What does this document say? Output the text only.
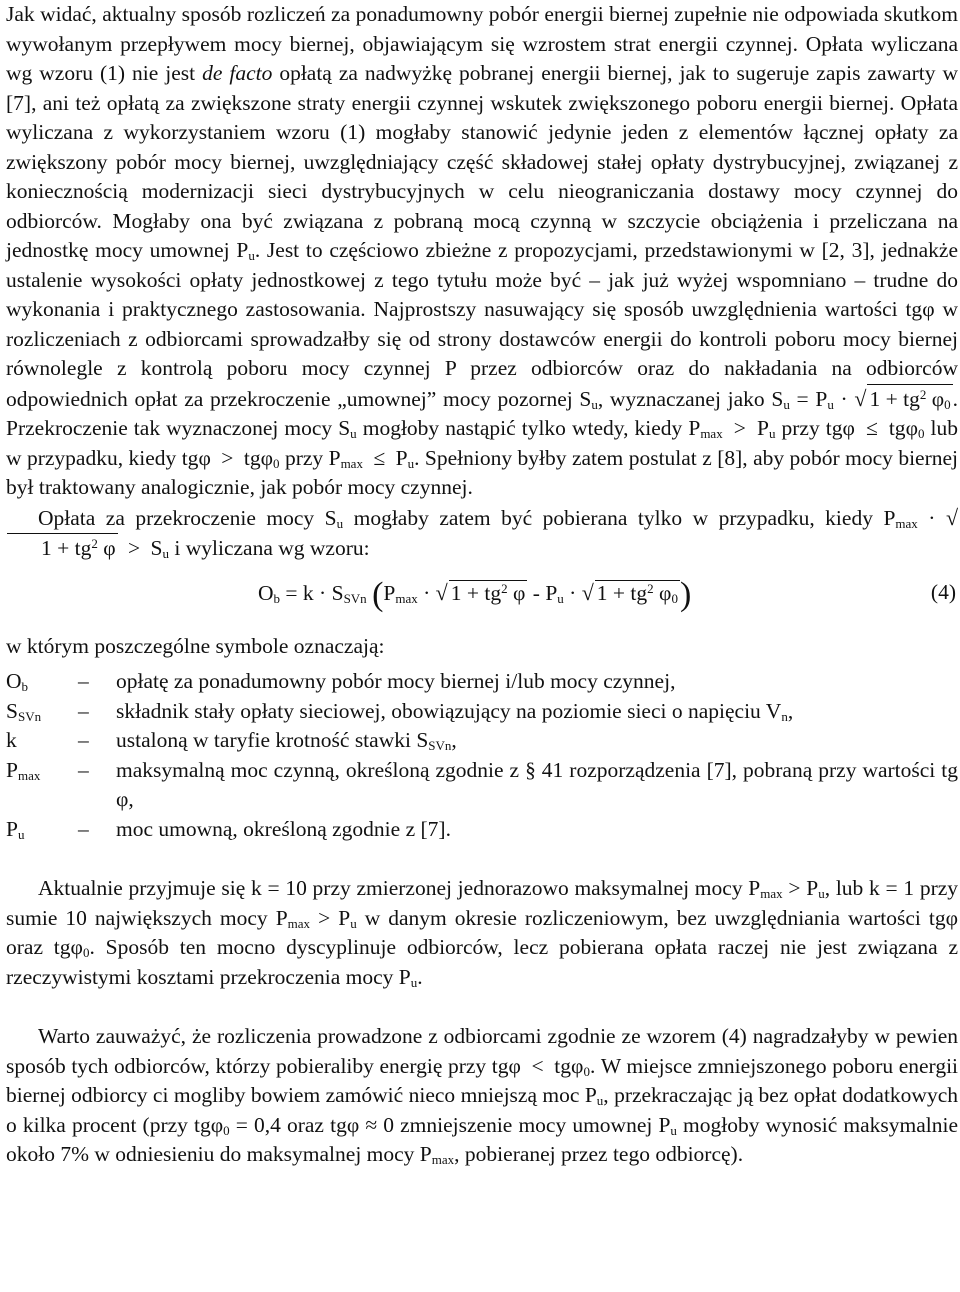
Jak widać, aktualny sposób rozliczeń za ponadumowny pobór energii biernej zupełnie nie odpowiada skutkom wywołanym przepływem mocy biernej, objawiającym się wzrostem strat energii czynnej. Opłata wyliczana wg wzoru (1) nie jest de facto opłatą za nadwyżkę pobranej energii biernej, jak to sugeruje zapis zawarty w [7], ani też opłatą za zwiększone straty energii czynnej wskutek zwiększonego poboru energii biernej. Opłata wyliczana z wykorzystaniem wzoru (1) mogłaby stanowić jedynie jeden z elementów łącznej opłaty za zwiększony pobór mocy biernej, uwzględniający część składowej stałej opłaty dystrybucyjnej, związanej z koniecznością modernizacji sieci dystrybucyjnych w celu nieograniczania dostawy mocy czynnej do odbiorców. Mogłaby ona być związana z pobraną mocą czynną w szczycie obciążenia i przeliczana na jednostkę mocy umownej $P_u$. Jest to częściowo zbieżne z propozycjami, przedstawionymi w [2, 3], jednakże ustalenie wysokości opłaty jednostkowej z tego tytułu może być – jak już wyżej wspomniano – trudne do wykonania i praktycznego zastosowania. Najprostszy nasuwający się sposób uwzględnienia wartości tgφ w rozliczeniach z odbiorcami sprowadzałby się od strony dostawców energii do kontroli poboru mocy biernej równolegle z kontrolą poboru mocy czynnej P przez odbiorców oraz do nakładania na odbiorców odpowiednich opłat za przekroczenie „umownej” mocy pozornej $S_u$, wyznaczanej jako $S_u = P_u$ · √ $1 + tg^2$ $\varphi_0$. Przekroczenie tak wyznaczonej mocy $S_u$ mogłoby nastąpić tylko wtedy, kiedy $P_{max} > P_u$ przy tgφ ≤ tgφ$_0$ lub w przypadku, kiedy tgφ > tgφ$_0$ przy $P_{max} \le P_u$. Spełniony byłby zatem postulat z [8], aby pobór mocy biernej był traktowany analogicznie, jak pobór mocy czynnej.

Opłata za przekroczenie mocy $S_u$ mogłaby zatem być pobierana tylko w przypadku, kiedy $P_{max} \cdot √1 + tg^2$ $\varphi > S_u$ i wyliczana wg wzoru:

$O_b = k \cdot S_{SVn}$ ($P_{max}$ · √ $1 + tg^2$ φ - $P_u$ · √ $1 + tg^2$ $\varphi_0$)	(4)

w którym poszczególne symbole oznaczają:

$O_b$	–	opłatę za ponadumowny pobór mocy biernej i/lub mocy czynnej,
$S_{SVn}$	–	składnik stały opłaty sieciowej, obowiązujący na poziomie sieci o napięciu $V_n$,
k	–	ustaloną w taryfie krotność stawki $S_{SVn}$,
$P_{max}$	–	maksymalną moc czynną, określoną zgodnie z § 41 rozporządzenia [7], pobraną przy wartości tg φ,
$P_u$	–	moc umowną, określoną zgodnie z [7].

Aktualnie przyjmuje się k = 10 przy zmierzonej jednorazowo maksymalnej mocy $P_{max} > P_u$, lub k = 1 przy sumie 10 największych mocy $P_{max} > P_u$ w danym okresie rozliczeniowym, bez uwzględniania wartości tgφ oraz tgφ$_0$. Sposób ten mocno dyscyplinuje odbiorców, lecz pobierana opłata raczej nie jest związana z rzeczywistymi kosztami przekroczenia mocy $P_u$.

Warto zauważyć, że rozliczenia prowadzone z odbiorcami zgodnie ze wzorem (4) nagradzałyby w pewien sposób tych odbiorców, którzy pobieraliby energię przy tgφ < tgφ$_0$. W miejsce zmniejszonego poboru energii biernej odbiorcy ci mogliby bowiem zamówić nieco mniejszą moc $P_u$, przekraczając ją bez opłat dodatkowych o kilka procent (przy tgφ$_0$ = 0,4 oraz tgφ ≈ 0 zmniejszenie mocy umownej $P_u$ mogłoby wynosić maksymalnie około 7% w odniesieniu do maksymalnej mocy $P_{max}$, pobieranej przez tego odbiorcę).
